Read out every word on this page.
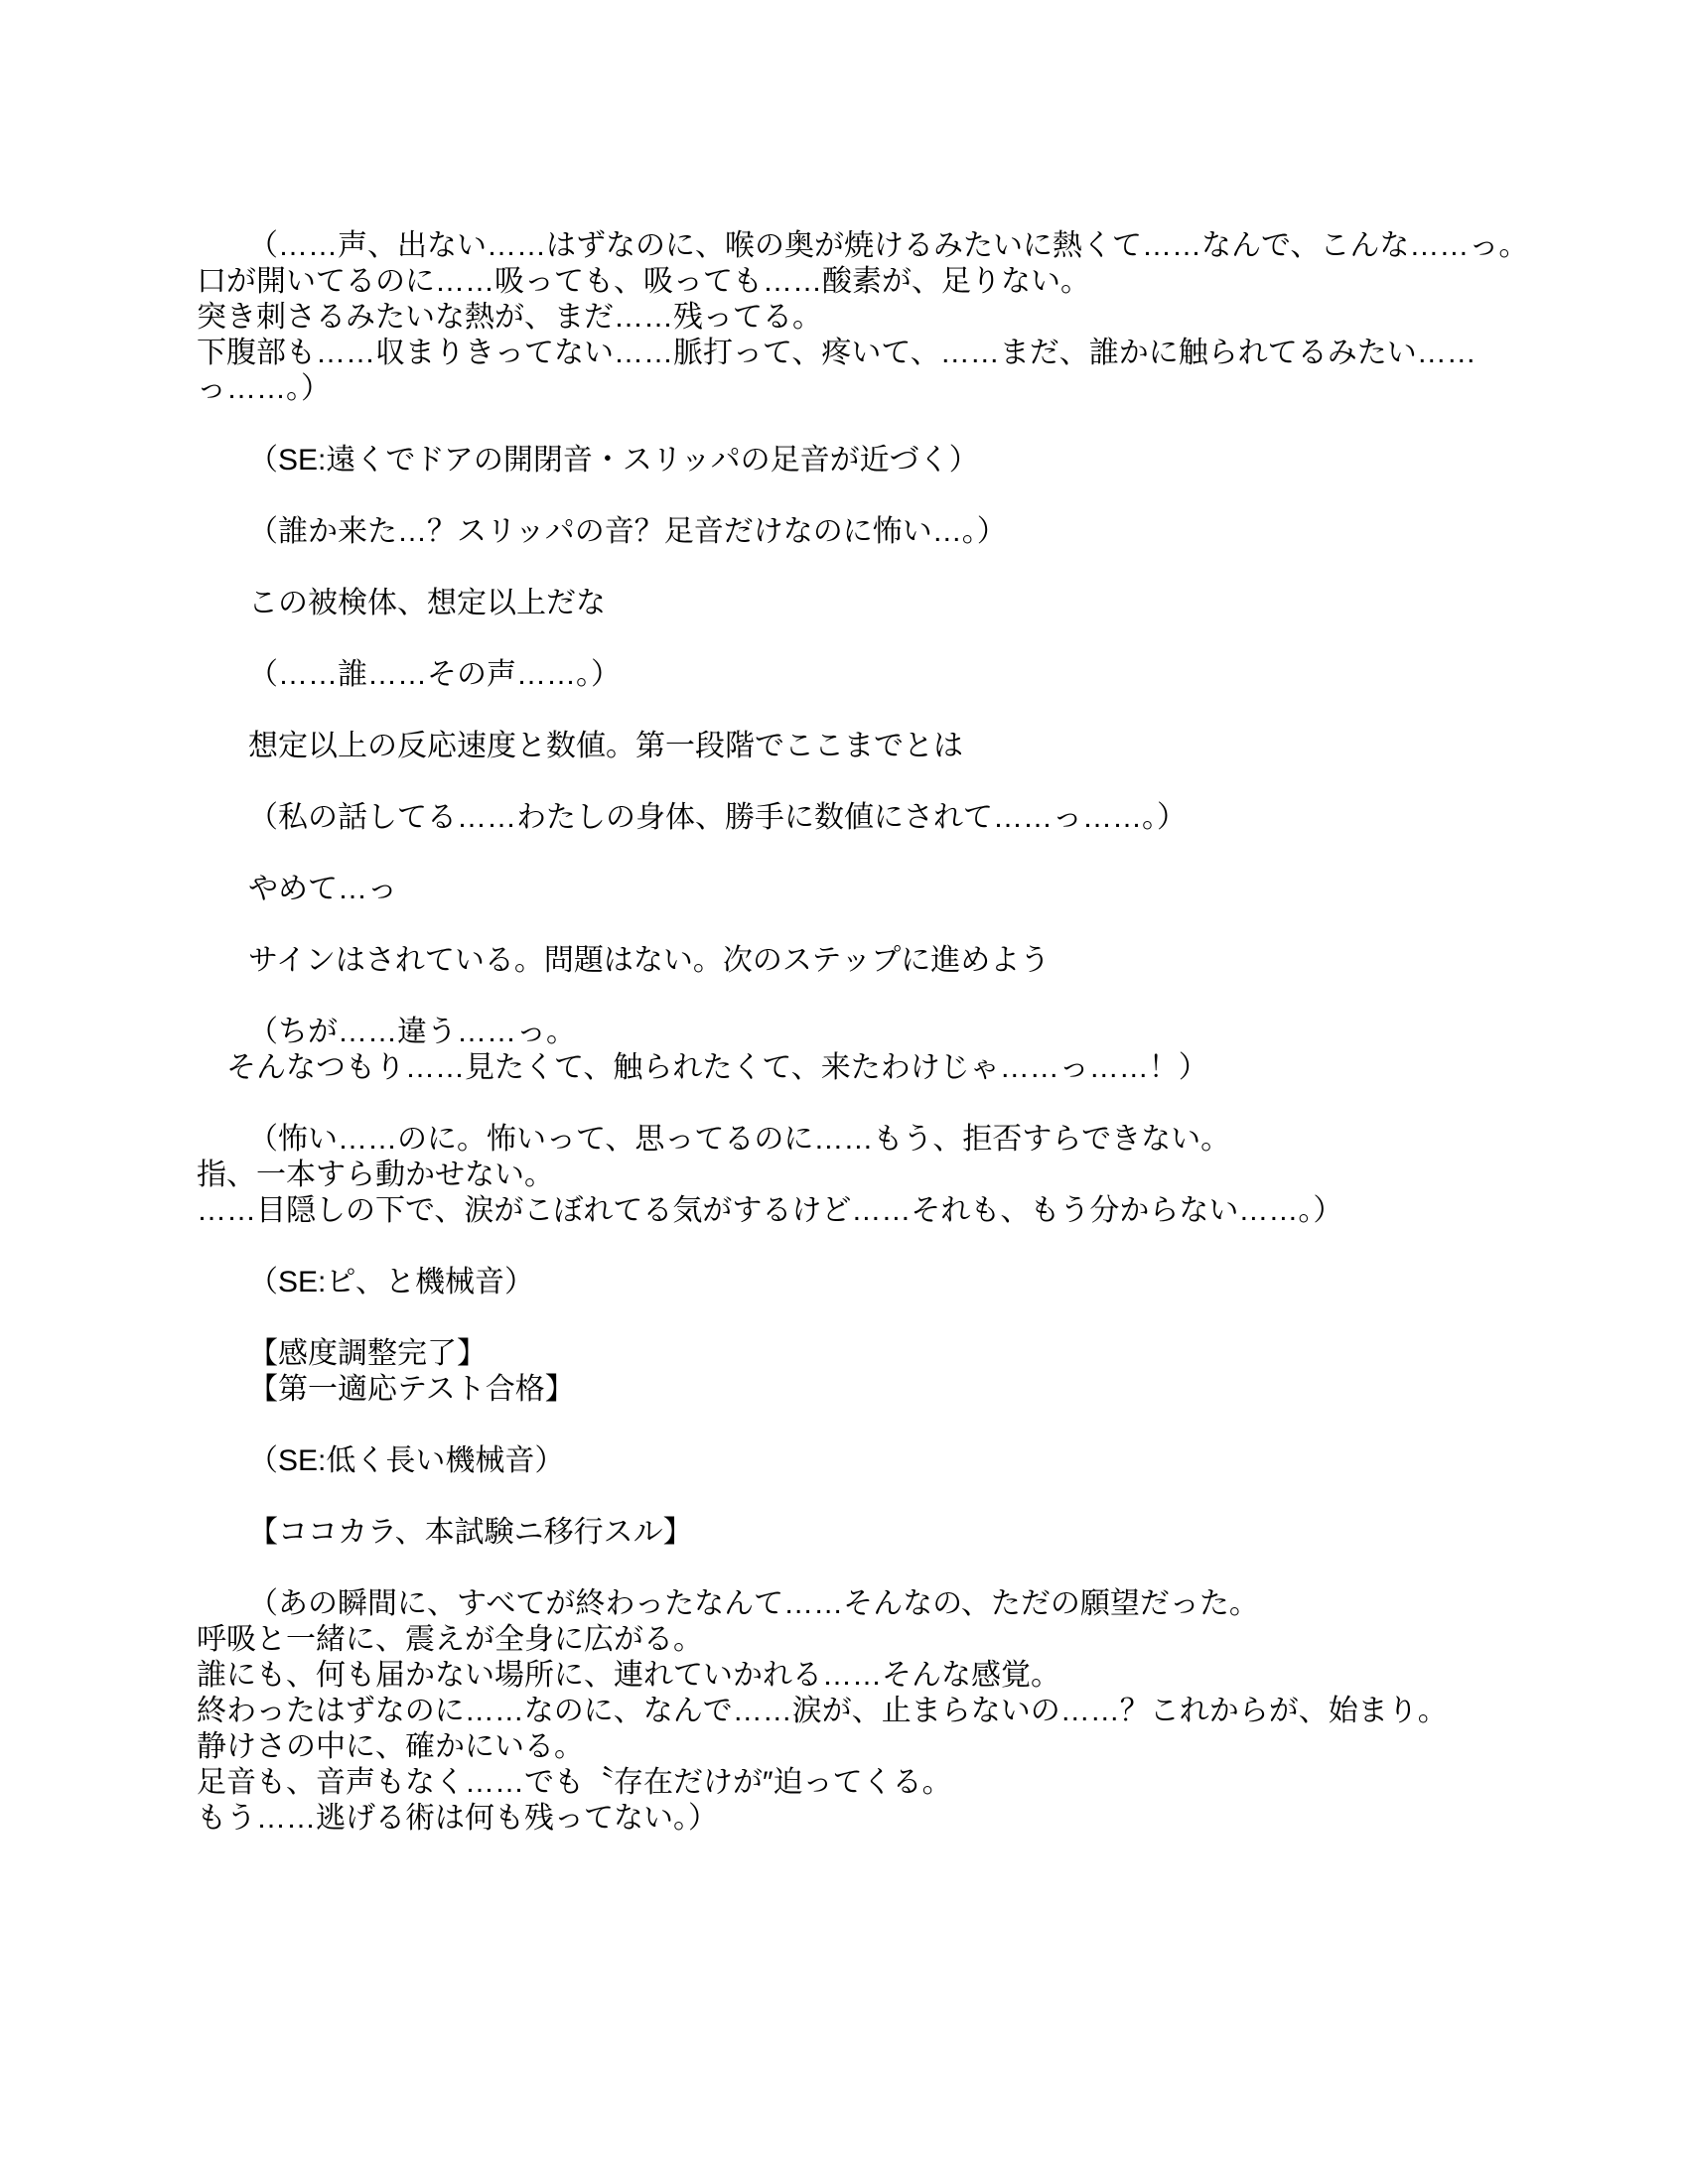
（……声、出ない……はずなのに、喉の奥が焼けるみたいに熱くて……なんで、こんな……っ。
口が開いてるのに……吸っても、吸っても……酸素が、足りない。
突き刺さるみたいな熱が、まだ……残ってる。
下腹部も……収まりきってない……脈打って、疼いて、……まだ、誰かに触られてるみたい……
っ……。）
（SE:遠くでドアの開閉音・スリッパの足音が近づく）
（誰か来た…？スリッパの音？足音だけなのに怖い…。）
この被検体、想定以上だな
（……誰……その声……。）
想定以上の反応速度と数値。第一段階でここまでとは
（私の話してる……わたしの身体、勝手に数値にされて……っ……。）
やめて…っ
サインはされている。問題はない。次のステップに進めよう
（ちが……違う……っ。
そんなつもり……見たくて、触られたくて、来たわけじゃ……っ……！）
（怖い……のに。怖いって、思ってるのに……もう、拒否すらできない。
指、一本すら動かせない。
……目隠しの下で、涙がこぼれてる気がするけど……それも、もう分からない……。）
（SE:ピ、と機械音）
【感度調整完了】
【第一適応テスト合格】
（SE:低く長い機械音）
【ココカラ、本試験ニ移行スル】
（あの瞬間に、すべてが終わったなんて……そんなの、ただの願望だった。
呼吸と一緒に、震えが全身に広がる。
誰にも、何も届かない場所に、連れていかれる……そんな感覚。
終わったはずなのに……なのに、なんで……涙が、止まらないの……？これからが、始まり。
静けさの中に、確かにいる。
足音も、音声もなく……でも〝存在だけが″迫ってくる。
もう……逃げる術は何も残ってない。）
